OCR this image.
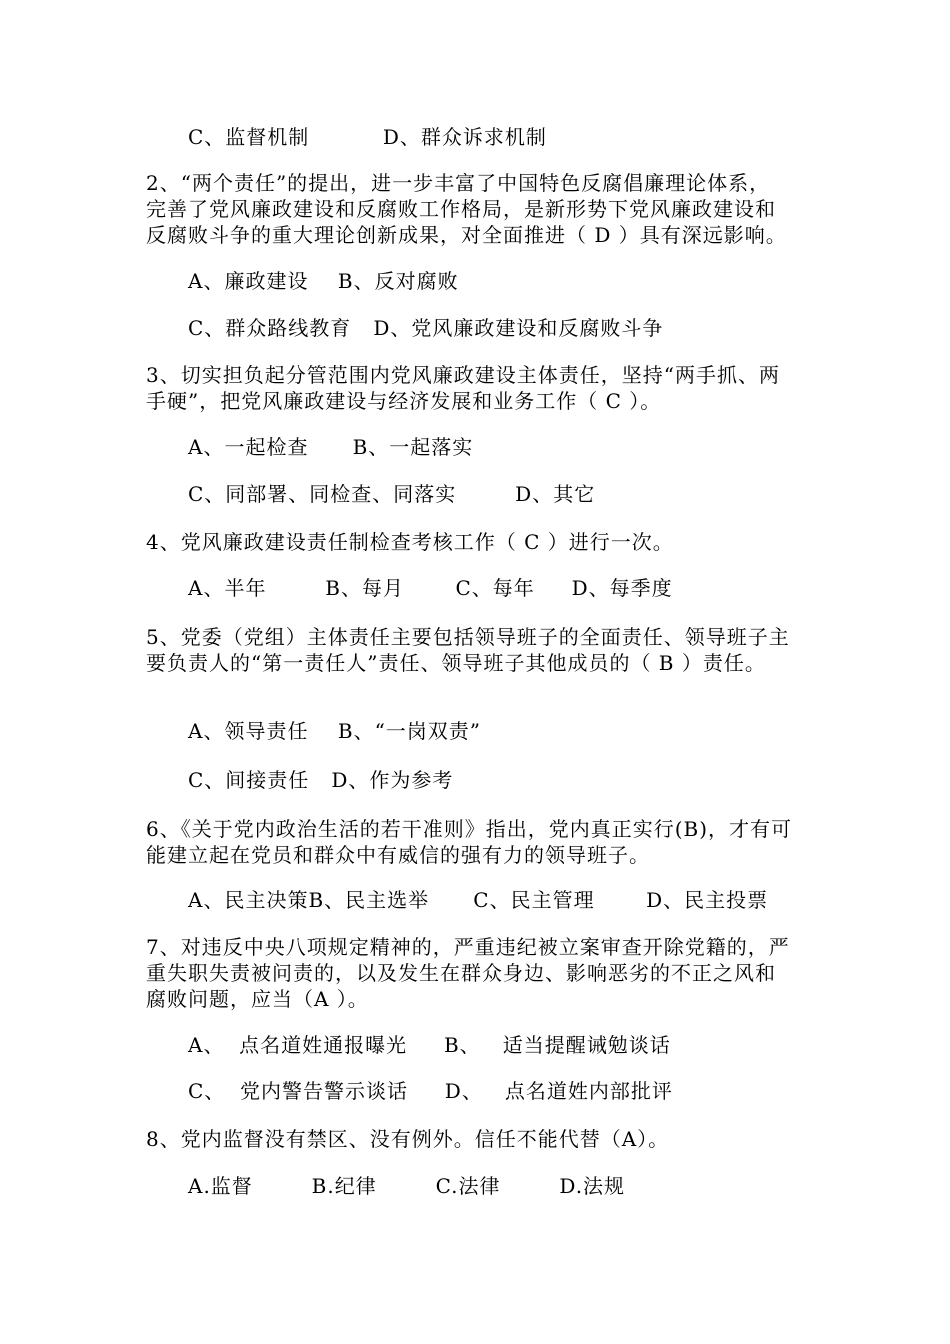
C、监督机制          D、群众诉求机制
2、“两个责任”的提出，进一步丰富了中国特色反腐倡廉理论体系，
完善了党风廉政建设和反腐败工作格局，是新形势下党风廉政建设和
反腐败斗争的重大理论创新成果，对全面推进（ D ）具有深远影响。
A、廉政建设    B、反对腐败
C、群众路线教育   D、党风廉政建设和反腐败斗争
3、切实担负起分管范围内党风廉政建设主体责任，坚持“两手抓、两
手硬”，把党风廉政建设与经济发展和业务工作（ C ）。
A、一起检查      B、一起落实
C、同部署、同检查、同落实        D、其它
4、党风廉政建设责任制检查考核工作（ C ）进行一次。
A、半年        B、每月       C、每年     D、每季度
5、党委（党组）主体责任主要包括领导班子的全面责任、领导班子主
要负责人的“第一责任人”责任、领导班子其他成员的（ B ）责任。
A、领导责任    B、“一岗双责”
C、间接责任   D、作为参考
6、《关于党内政治生活的若干准则》指出，党内真正实行(B)，才有可
能建立起在党员和群众中有威信的强有力的领导班子。
A、民主决策B、民主选举      C、民主管理       D、民主投票
7、对违反中央八项规定精神的，严重违纪被立案审查开除党籍的，严
重失职失责被问责的，以及发生在群众身边、影响恶劣的不正之风和
腐败问题，应当（A ）。
A、  点名道姓通报曝光     B、   适当提醒诫勉谈话
C、  党内警告警示谈话     D、   点名道姓内部批评
8、党内监督没有禁区、没有例外。信任不能代替（A）。
A.监督        B.纪律        C.法律        D.法规
